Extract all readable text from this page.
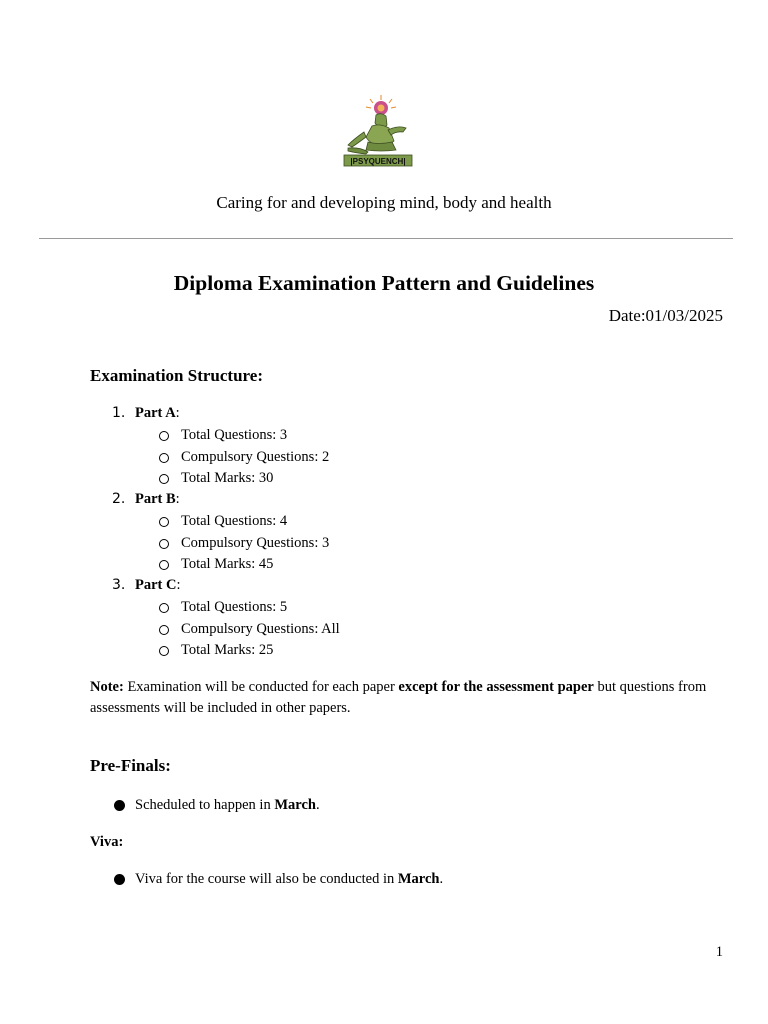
|PSYQUENCH|
Caring for and developing mind, body and health
Diploma Examination Pattern and Guidelines
Date:01/03/2025
Examination Structure:
1. Part A:
Total Questions: 3
Compulsory Questions: 2
Total Marks: 30
2. Part B:
Total Questions: 4
Compulsory Questions: 3
Total Marks: 45
3. Part C:
Total Questions: 5
Compulsory Questions: All
Total Marks: 25
Note: Examination will be conducted for each paper except for the assessment paper but questions from assessments will be included in other papers.
Pre-Finals:
Scheduled to happen in March.
Viva:
Viva for the course will also be conducted in March.
1
